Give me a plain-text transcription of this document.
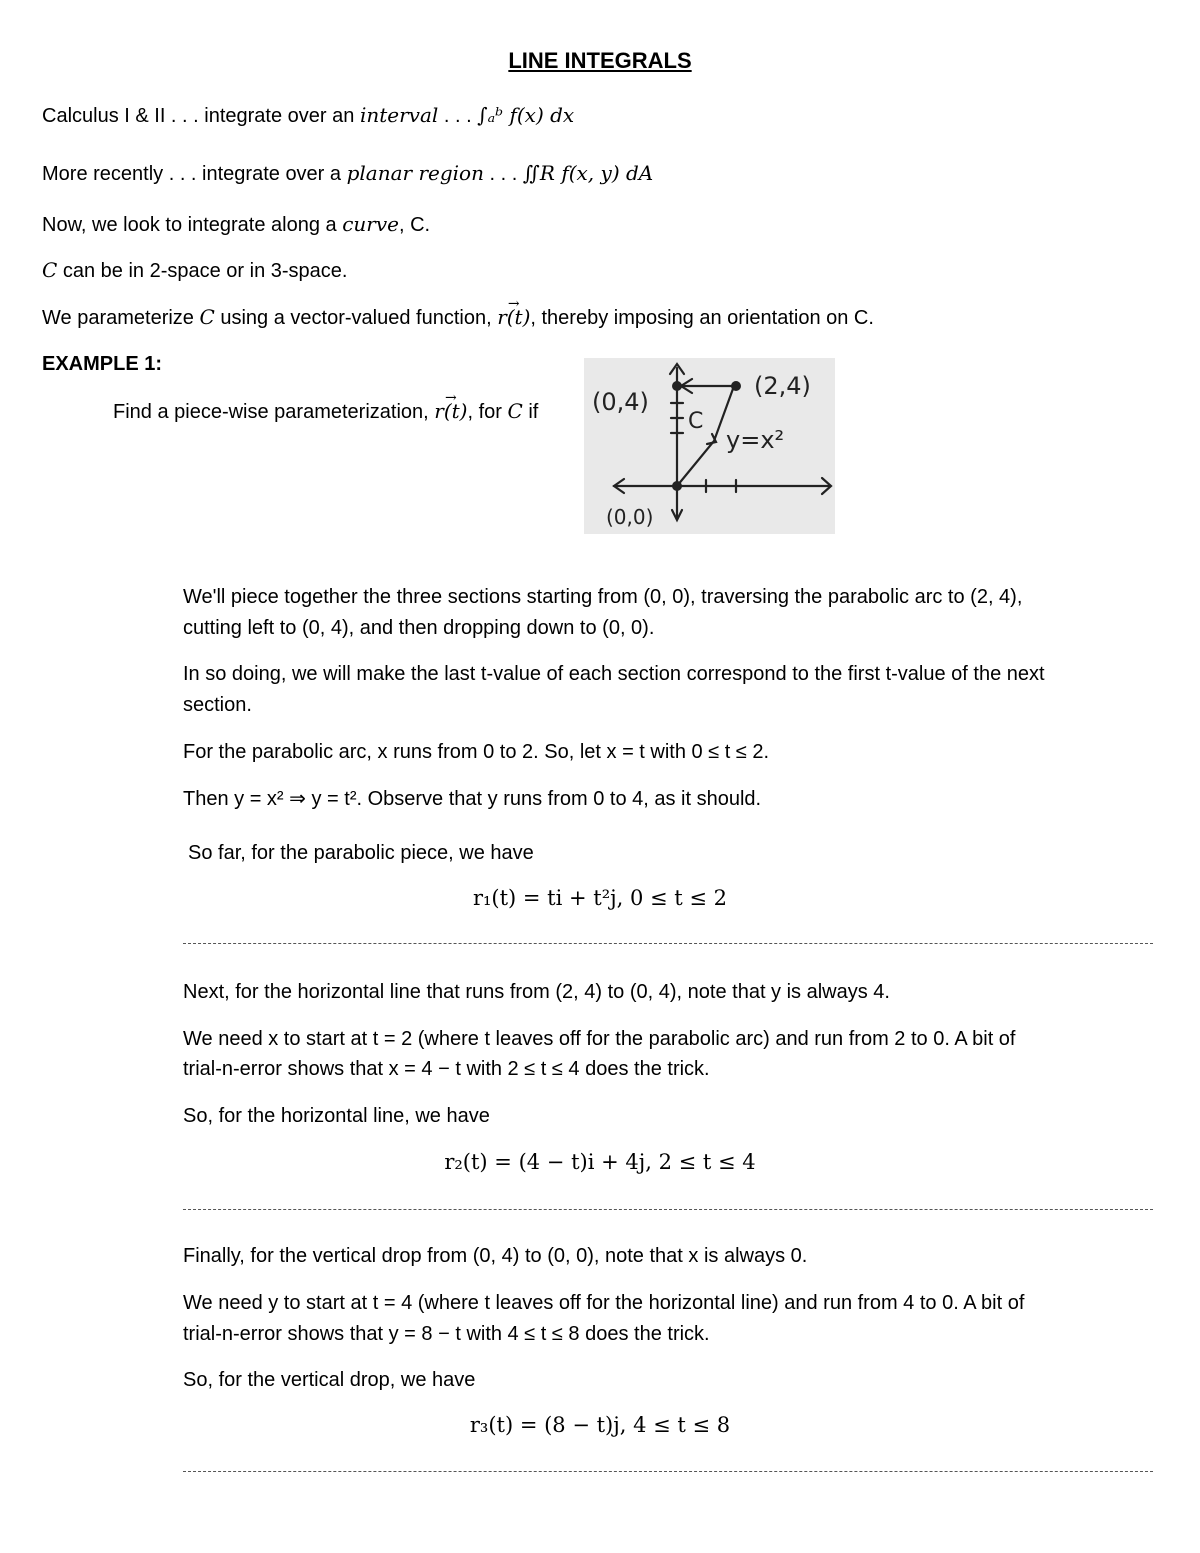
LINE INTEGRALS
Calculus I & II . . . integrate over an interval . . . ∫ₐᵇ f(x) dx
More recently . . . integrate over a planar region . . . ∬R f(x, y) dA
Now, we look to integrate along a curve, C.
C can be in 2-space or in 3-space.
We parameterize C using a vector-valued function, → r(t), thereby imposing an orientation on C.
EXAMPLE 1:
Find a piece-wise parameterization, → r(t), for C if (0,4)
(2,4)
C
y=x²
(0,0)
We'll piece together the three sections starting from (0, 0), traversing the parabolic arc to (2, 4),
cutting left to (0, 4), and then dropping down to (0, 0).
In so doing, we will make the last t-value of each section correspond to the first t-value of the next
section.
For the parabolic arc, x runs from 0 to 2. So, let x = t with 0 ≤ t ≤ 2.
Then y = x² ⇒ y = t². Observe that y runs from 0 to 4, as it should.
So far, for the parabolic piece, we have
r₁(t) = ti + t²j, 0 ≤ t ≤ 2
Next, for the horizontal line that runs from (2, 4) to (0, 4), note that y is always 4.
We need x to start at t = 2 (where t leaves off for the parabolic arc) and run from 2 to 0. A bit of
trial-n-error shows that x = 4 − t with 2 ≤ t ≤ 4 does the trick.
So, for the horizontal line, we have
r₂(t) = (4 − t)i + 4j, 2 ≤ t ≤ 4
Finally, for the vertical drop from (0, 4) to (0, 0), note that x is always 0.
We need y to start at t = 4 (where t leaves off for the horizontal line) and run from 4 to 0. A bit of
trial-n-error shows that y = 8 − t with 4 ≤ t ≤ 8 does the trick.
So, for the vertical drop, we have
r₃(t) = (8 − t)j, 4 ≤ t ≤ 8
